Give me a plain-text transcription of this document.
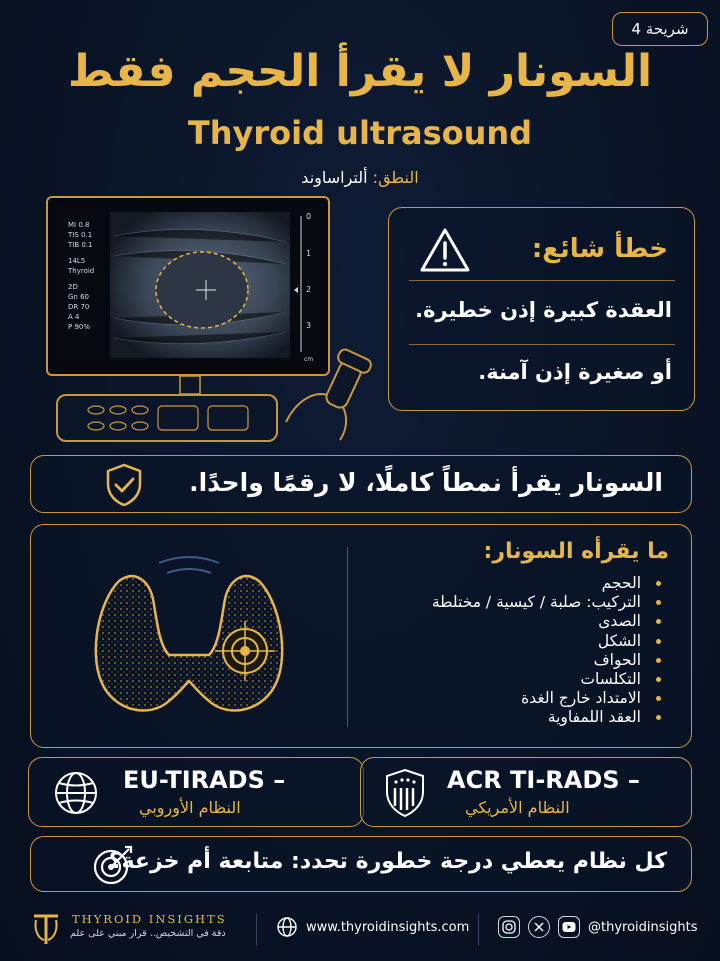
شريحة 4
السونار لا يقرأ الحجم فقط
Thyroid ultrasound
النطق: ألتراساوند
0
1
2
3
cm
MI 0.8
TIS 0.1
TIB 0.1
14L5
Thyroid
2D
Gn 60
DR 70
A 4
P 90%
خطأ شائع:
العقدة كبيرة إذن خطيرة.
أو صغيرة إذن آمنة.
السونار يقرأ نمطاً كاملًا، لا رقمًا واحدًا.
ما يقرأه السونار:
الحجم
التركيب: صلبة / كيسية / مختلطة
الصدى
الشكل
الحواف
التكلسات
الامتداد خارج الغدة
العقد اللمفاوية
EU-TIRADS –
النظام الأوروبي
ACR TI-RADS –
النظام الأمريكي
كل نظام يعطي درجة خطورة تحدد: متابعة أم خزعة؟
THYROID INSIGHTS
دقة في التشخيص.. قرار مبني على علم	www.thyroidinsights.com	@thyroidinsights
